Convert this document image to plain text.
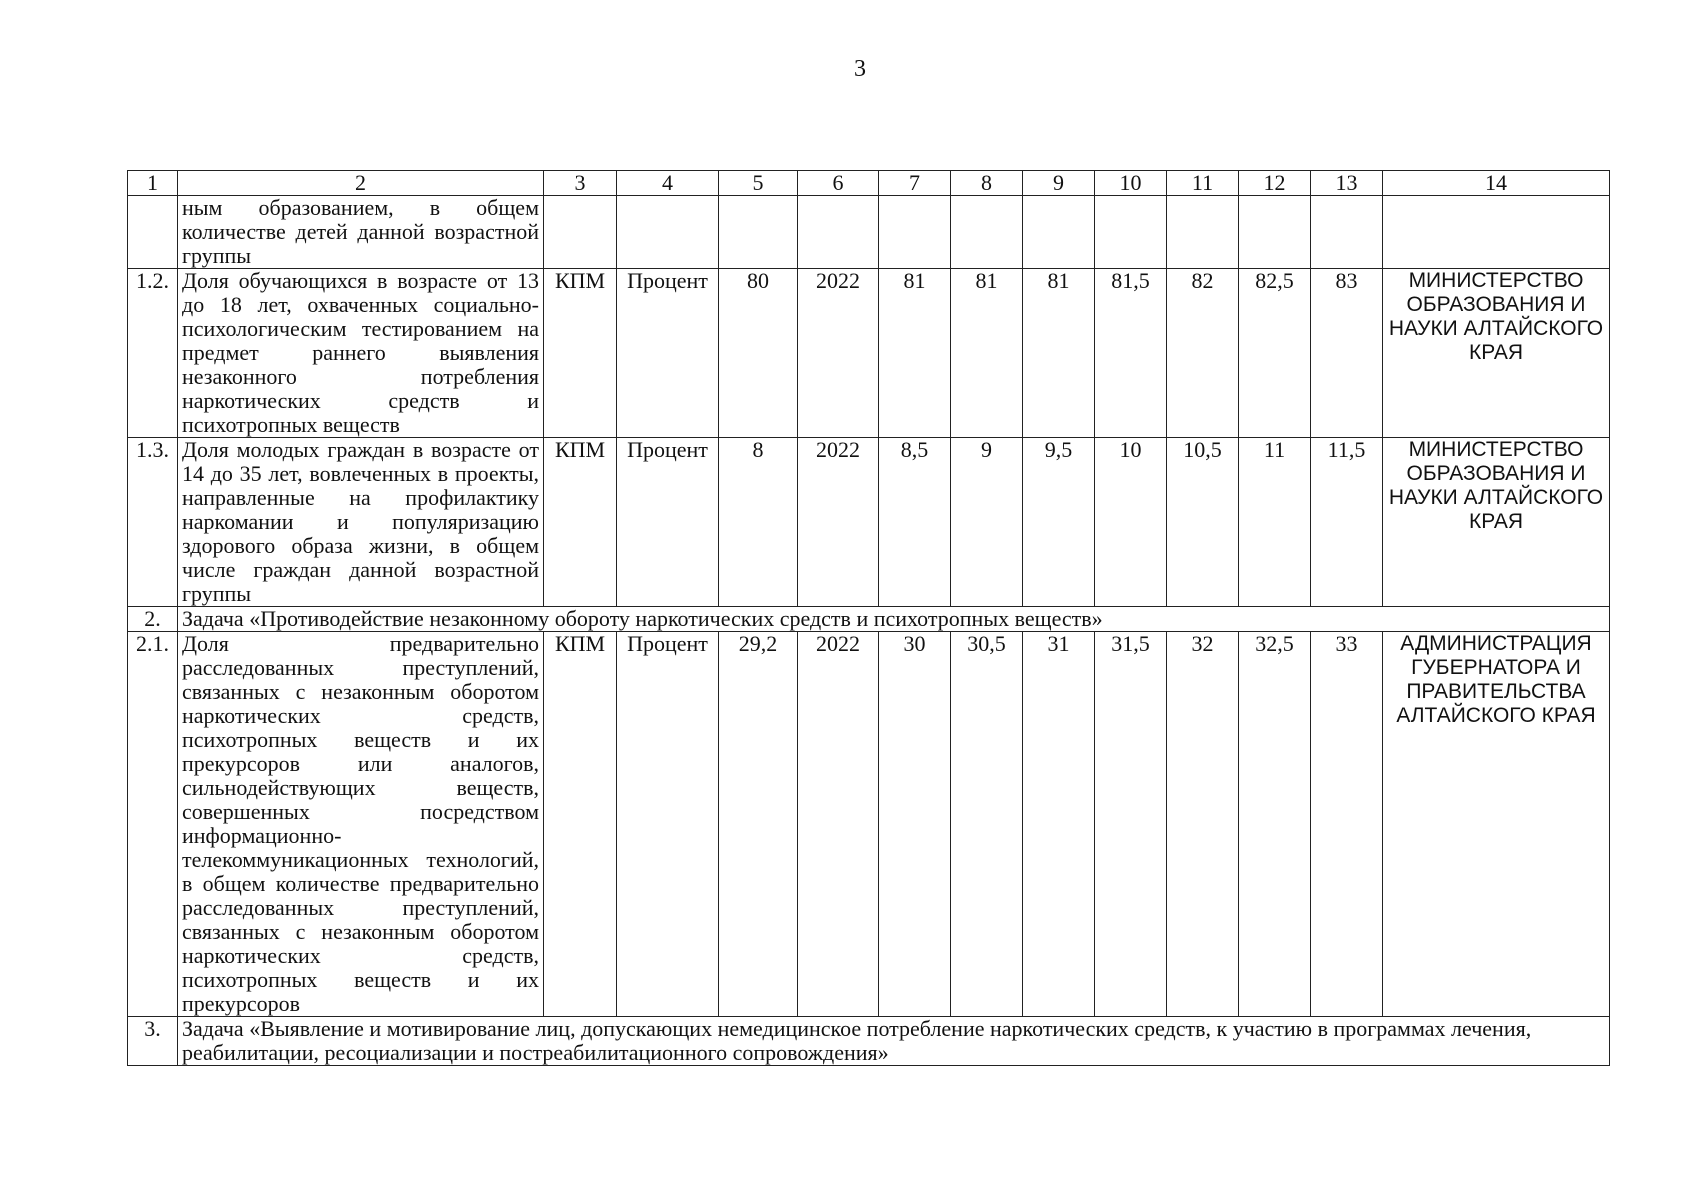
3
1	2	3	4	5	6	7	8	9	10	11	12	13	14
	ным образованием, в общем количестве детей данной возрастной группы												
1.2.	Доля обучающихся в возрасте от 13 до 18 лет, охваченных социально-психологическим тестированием на предмет раннего выявления незаконного потребления наркотических средств и психотропных веществ	КПМ	Процент	80	2022	81	81	81	81,5	82	82,5	83	МИНИСТЕРСТВО ОБРАЗОВАНИЯ И НАУКИ АЛТАЙСКОГО КРАЯ
1.3.	Доля молодых граждан в возрасте от 14 до 35 лет, вовлеченных в проекты, направленные на профилактику наркомании и популяризацию здорового образа жизни, в общем числе граждан данной возрастной группы	КПМ	Процент	8	2022	8,5	9	9,5	10	10,5	11	11,5	МИНИСТЕРСТВО ОБРАЗОВАНИЯ И НАУКИ АЛТАЙСКОГО КРАЯ
2.	Задача «Противодействие незаконному обороту наркотических средств и психотропных веществ»												
2.1.	Доля предварительно расследованных преступлений, связанных с незаконным оборотом наркотических средств, психотропных веществ и их прекурсоров или аналогов, сильнодействующих веществ, совершенных посредством информационно-телекоммуникационных технологий, в общем количестве предварительно расследованных преступлений, связанных с незаконным оборотом наркотических средств, психотропных веществ и их прекурсоров	КПМ	Процент	29,2	2022	30	30,5	31	31,5	32	32,5	33	АДМИНИСТРАЦИЯ ГУБЕРНАТОРА И ПРАВИТЕЛЬСТВА АЛТАЙСКОГО КРАЯ
3.	Задача «Выявление и мотивирование лиц, допускающих немедицинское потребление наркотических средств, к участию в программах лечения, реабилитации, ресоциализации и постреабилитационного сопровождения»												
